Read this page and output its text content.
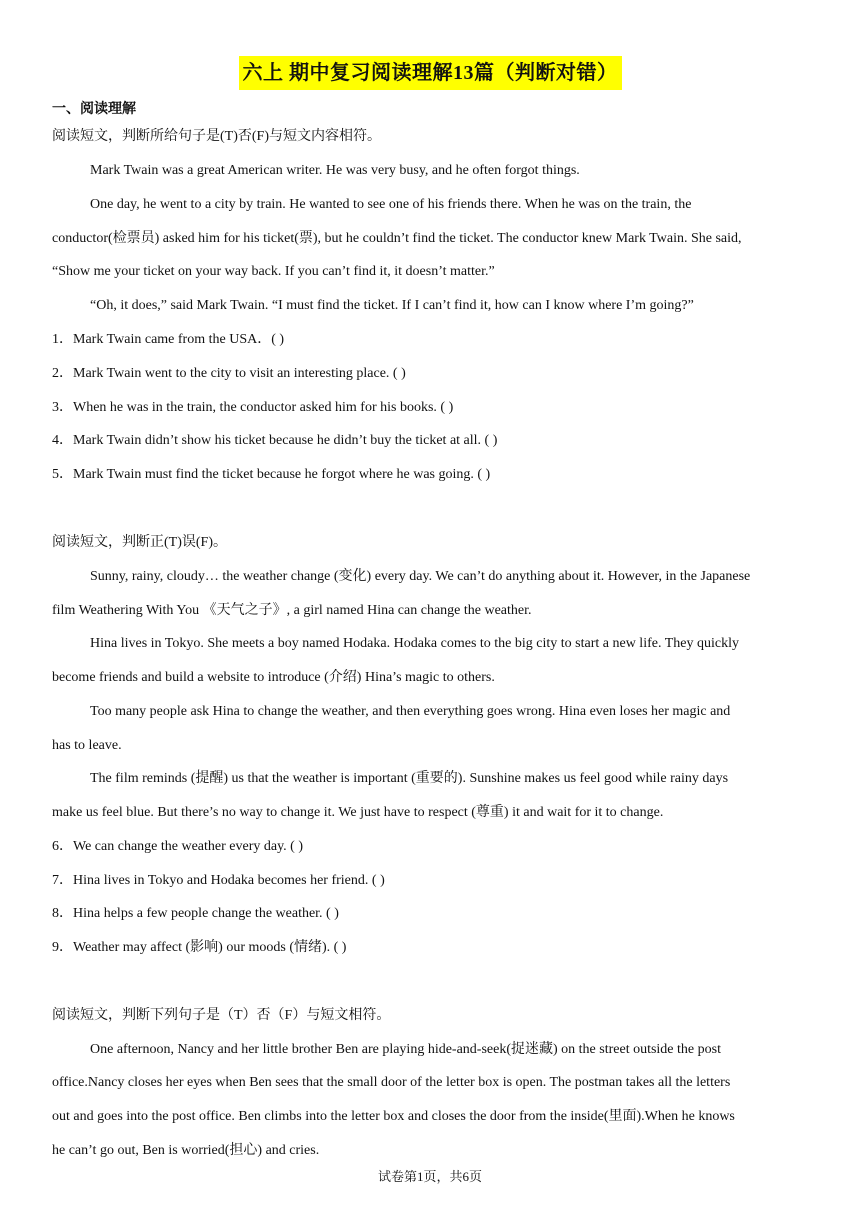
六上 期中复习阅读理解13篇（判断对错）
一、阅读理解
阅读短文，判断所给句子是(T)否(F)与短文内容相符。
Mark Twain was a great American writer. He was very busy, and he often forgot things.
One day, he went to a city by train. He wanted to see one of his friends there. When he was on the train, the
conductor(检票员) asked him for his ticket(票), but he couldn’t find the ticket. The conductor knew Mark Twain. She said,
“Show me your ticket on your way back. If you can’t find it, it doesn’t matter.”
“Oh, it does,” said Mark Twain. “I must find the ticket. If I can’t find it, how can I know where I’m going?”
1．Mark Twain came from the USA．( )
2．Mark Twain went to the city to visit an interesting place. ( )
3．When he was in the train, the conductor asked him for his books. ( )
4．Mark Twain didn’t show his ticket because he didn’t buy the ticket at all. ( )
5．Mark Twain must find the ticket because he forgot where he was going. ( )
阅读短文，判断正(T)误(F)。
Sunny, rainy, cloudy… the weather change (变化) every day. We can’t do anything about it. However, in the Japanese
film Weathering With You 《天气之子》, a girl named Hina can change the weather.
Hina lives in Tokyo. She meets a boy named Hodaka. Hodaka comes to the big city to start a new life. They quickly
become friends and build a website to introduce (介绍) Hina’s magic to others.
Too many people ask Hina to change the weather, and then everything goes wrong. Hina even loses her magic and
has to leave.
The film reminds (提醒) us that the weather is important (重要的). Sunshine makes us feel good while rainy days
make us feel blue. But there’s no way to change it. We just have to respect (尊重) it and wait for it to change.
6．We can change the weather every day. ( )
7．Hina lives in Tokyo and Hodaka becomes her friend. ( )
8．Hina helps a few people change the weather. ( )
9．Weather may affect (影响) our moods (情绪). ( )
阅读短文，判断下列句子是（T）否（F）与短文相符。
One afternoon, Nancy and her little brother Ben are playing hide-and-seek(捉迷藏) on the street outside the post
office.Nancy closes her eyes when Ben sees that the small door of the letter box is open. The postman takes all the letters
out and goes into the post office. Ben climbs into the letter box and closes the door from the inside(里面).When he knows
he can’t go out, Ben is worried(担心) and cries.
试卷第1页，共6页
